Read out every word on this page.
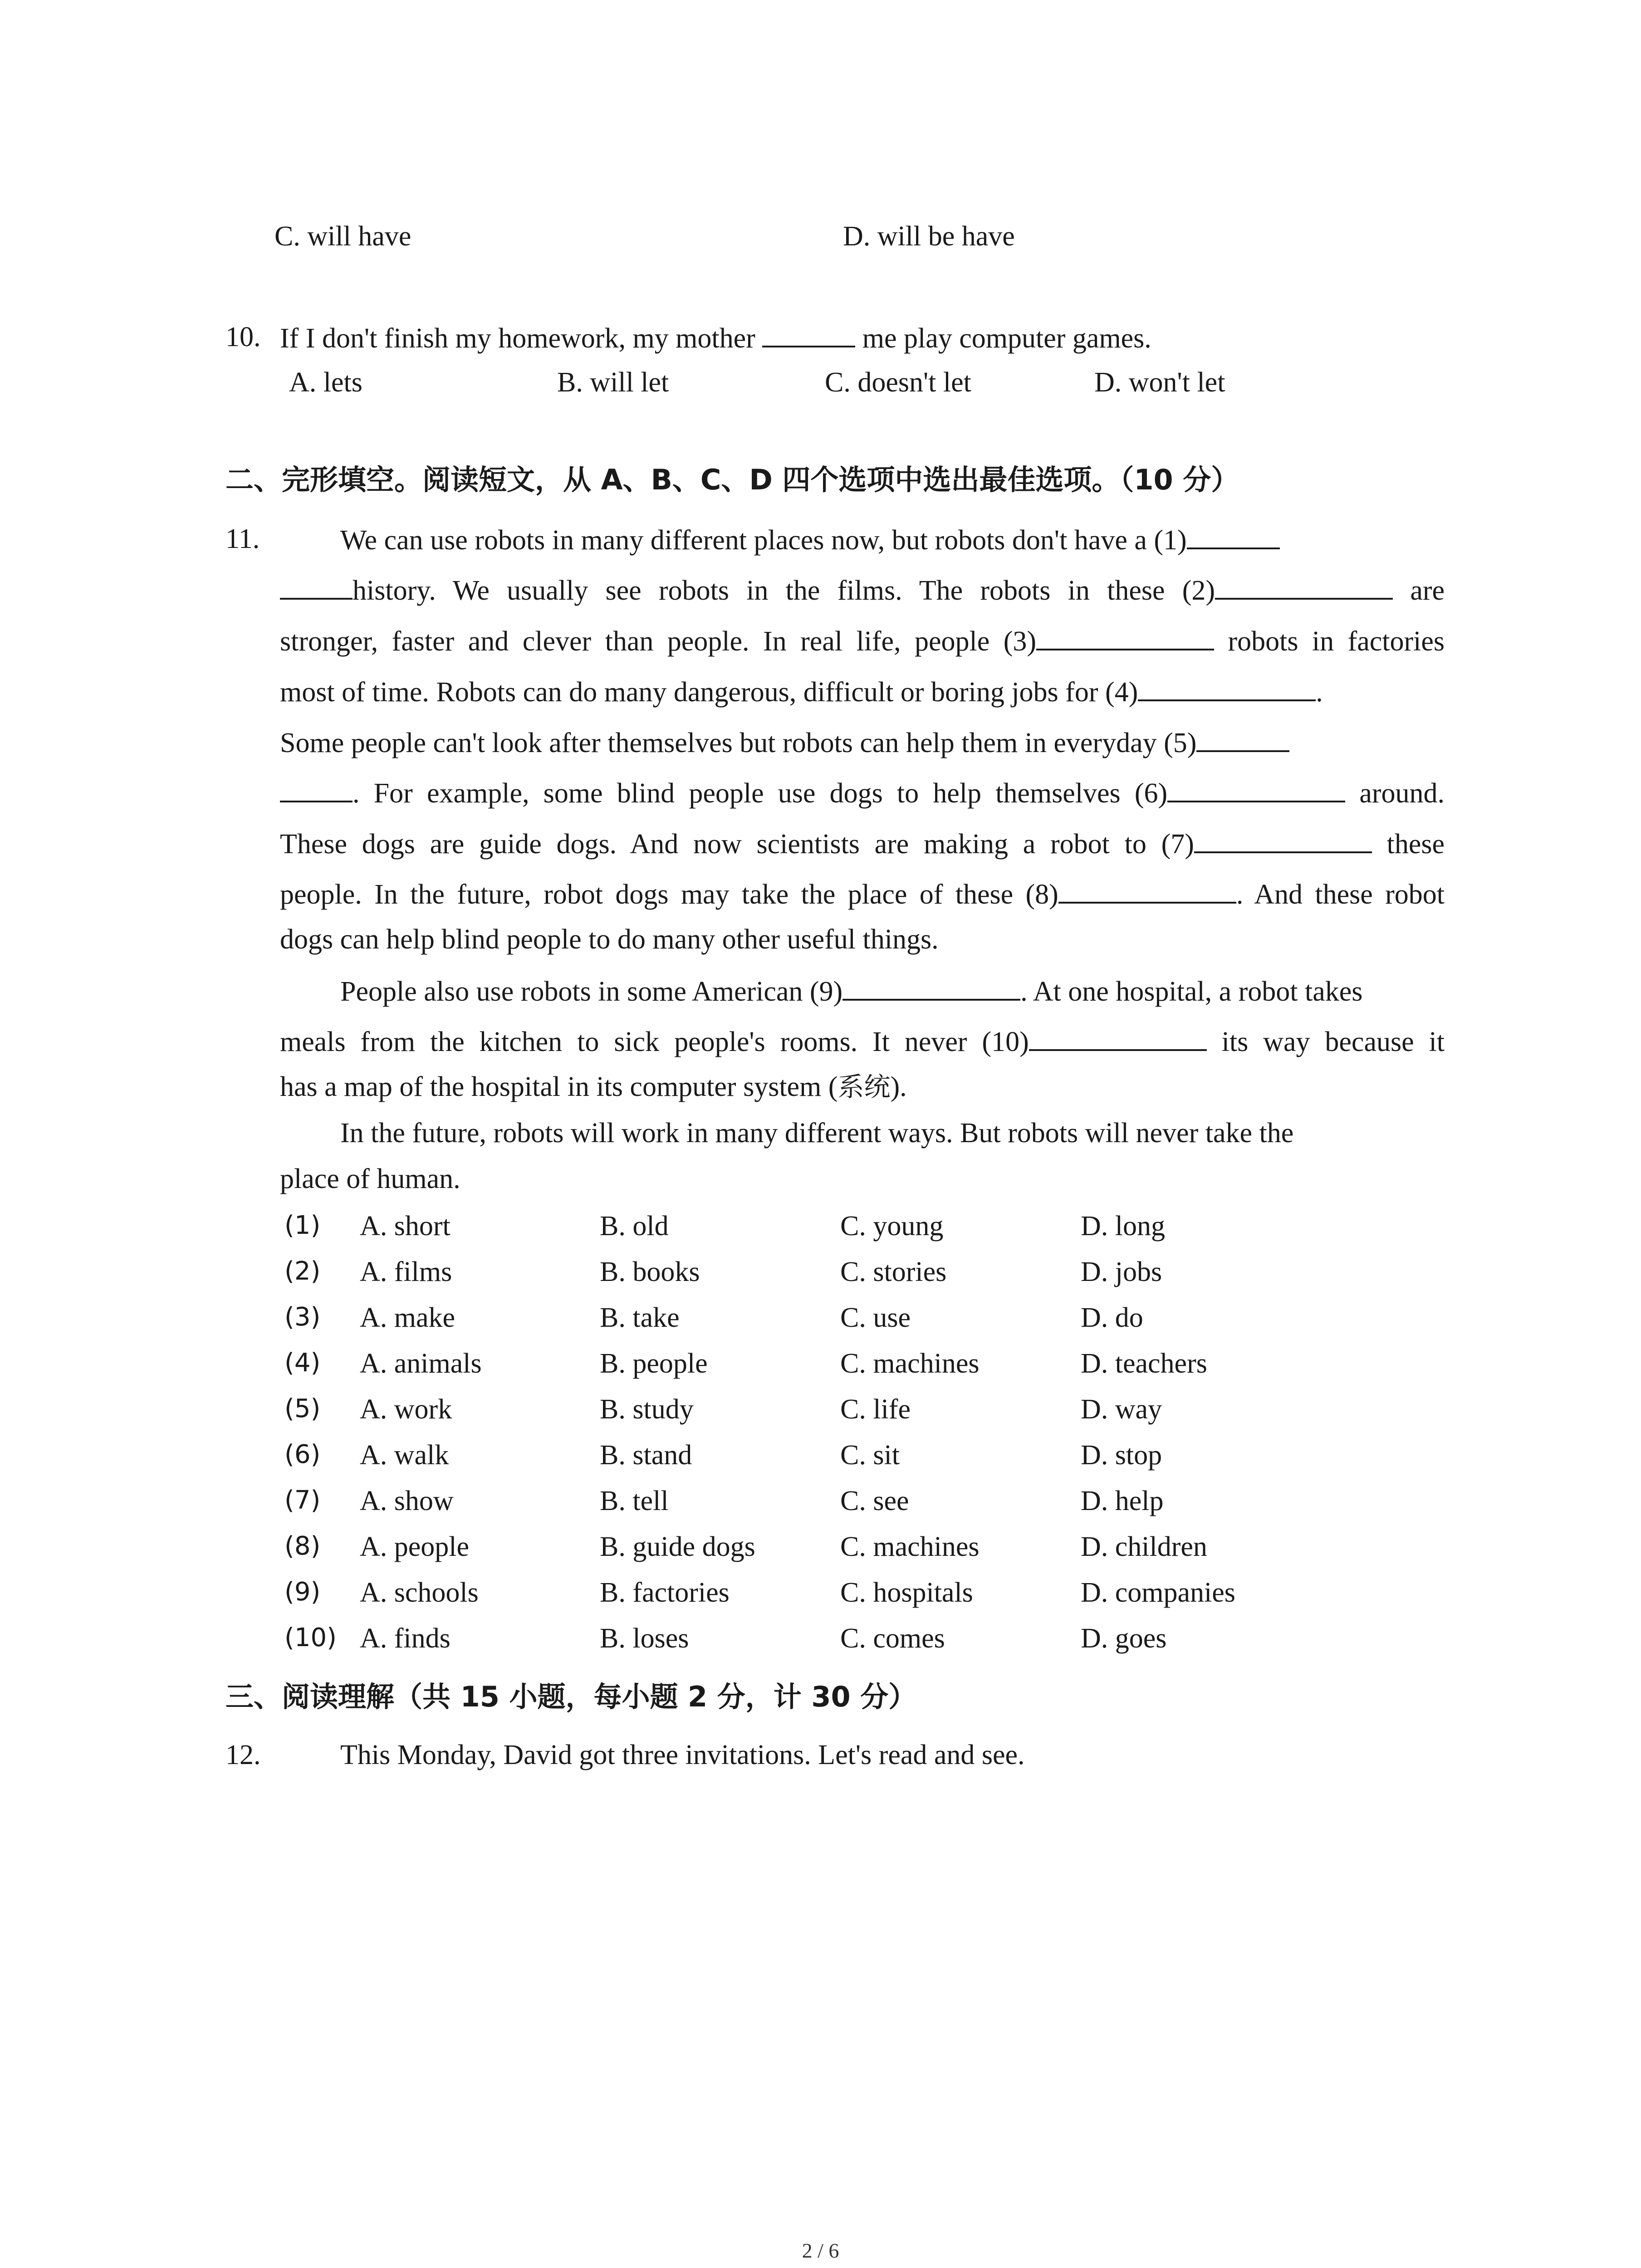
C. will have	D. will be have
10. If I don't finish my homework, my mother	me play computer games.
A. lets	B. will let	C. doesn't let	D. won't let
二、完形填空。阅读短文，从 A、B、C、D 四个选项中选出最佳选项。（10 分）
11.	We can use robots in many different places now, but robots don't have a (1)
history. We usually see robots in the films. The robots in these (2)	are
stronger, faster and clever than people. In real life, people (3)	robots in factories
most of time. Robots can do many dangerous, difficult or boring jobs for (4)	.
Some people can't look after themselves but robots can help them in everyday (5)
. For example, some blind people use dogs to help themselves (6)	around.
These dogs are guide dogs. And now scientists are making a robot to (7)	these
people. In the future, robot dogs may take the place of these (8)	. And these robot
dogs can help blind people to do many other useful things.
People also use robots in some American (9)	. At one hospital, a robot takes
meals from the kitchen to sick people's rooms. It never (10)	its way because it
has a map of the hospital in its computer system (系统).
In the future, robots will work in many different ways. But robots will never take the
place of human.
(1) A. short	B. old	C. young	D. long
(2) A. films	B. books	C. stories	D. jobs
(3) A. make	B. take	C. use	D. do
(4) A. animals	B. people	C. machines	D. teachers
(5) A. work	B. study	C. life	D. way
(6) A. walk	B. stand	C. sit	D. stop
(7) A. show	B. tell	C. see	D. help
(8) A. people	B. guide dogs	C. machines	D. children
(9) A. schools	B. factories	C. hospitals	D. companies
(10) A. finds	B. loses	C. comes	D. goes
三、阅读理解（共 15 小题，每小题 2 分，计 30 分）
12.	This Monday, David got three invitations. Let's read and see.
2 / 6
